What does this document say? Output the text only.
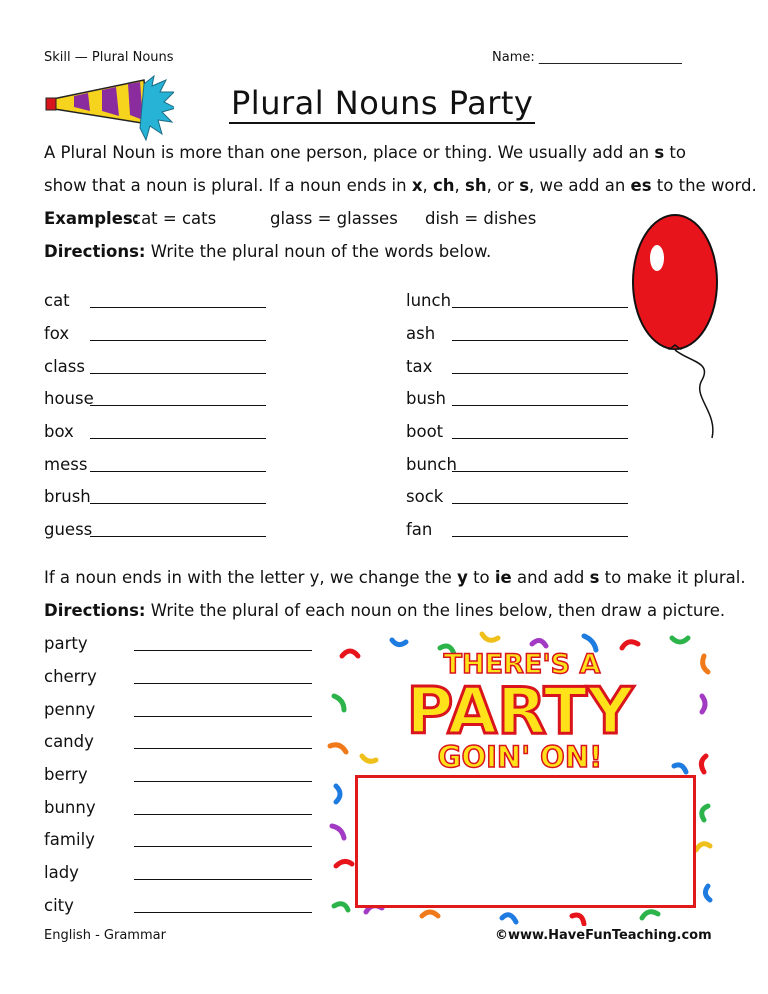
Skill — Plural Nouns	Name: ______________________
Plural Nouns Party
A Plural Noun is more than one person, place or thing. We usually add an s to
show that a noun is plural. If a noun ends in x, ch, sh, or s, we add an es to the word.
Examples:
cat = cats	glass = glasses dish = dishes
Directions: Write the plural noun of the words below.
cat
fox
class
house
box
mess
brush
guess
lunch
ash
tax
bush
boot
bunch
sock
fan
If a noun ends in with the letter y, we change the y to ie and add s to make it plural.
Directions: Write the plural of each noun on the lines below, then draw a picture.
party
cherry
penny
candy
berry
bunny
family
lady
city
THERE'S A
PARTY
GOIN' ON!
English - Grammar	©www.HaveFunTeaching.com
